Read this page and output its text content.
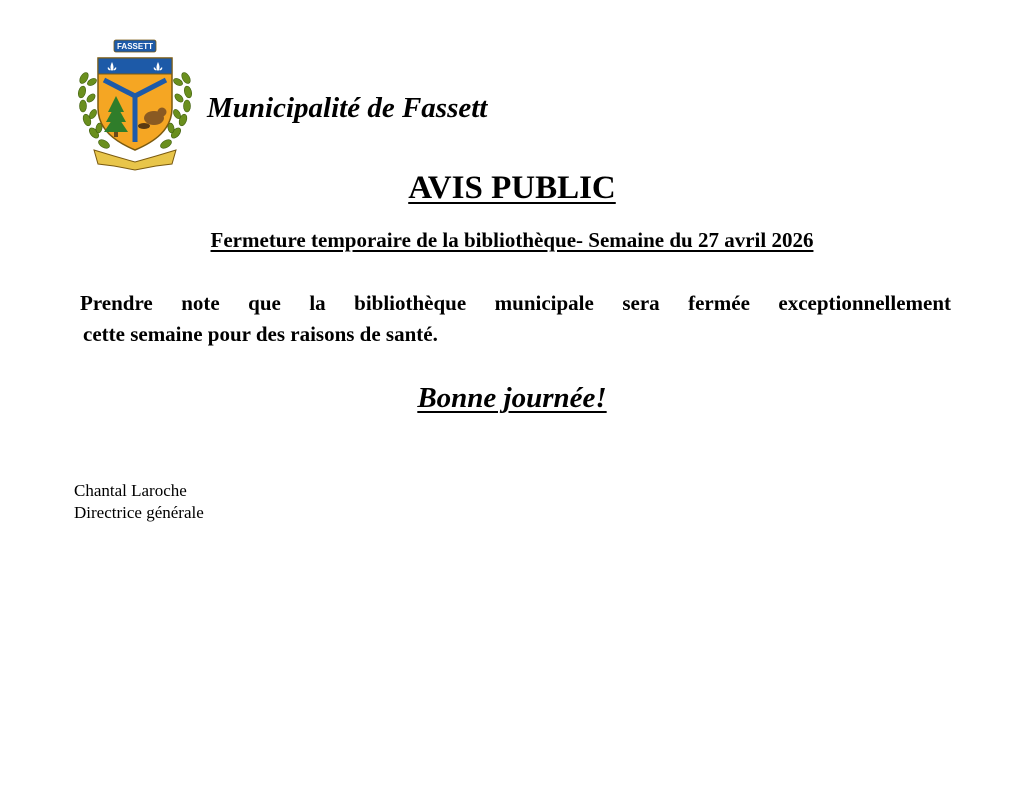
FASSETT
Municipalité de Fassett
AVIS PUBLIC
Fermeture temporaire de la bibliothèque- Semaine du 27 avril 2026
Prendre note que la bibliothèque municipale sera fermée exceptionnellement
cette semaine pour des raisons de santé.
Bonne journée!
Chantal Laroche
Directrice générale
